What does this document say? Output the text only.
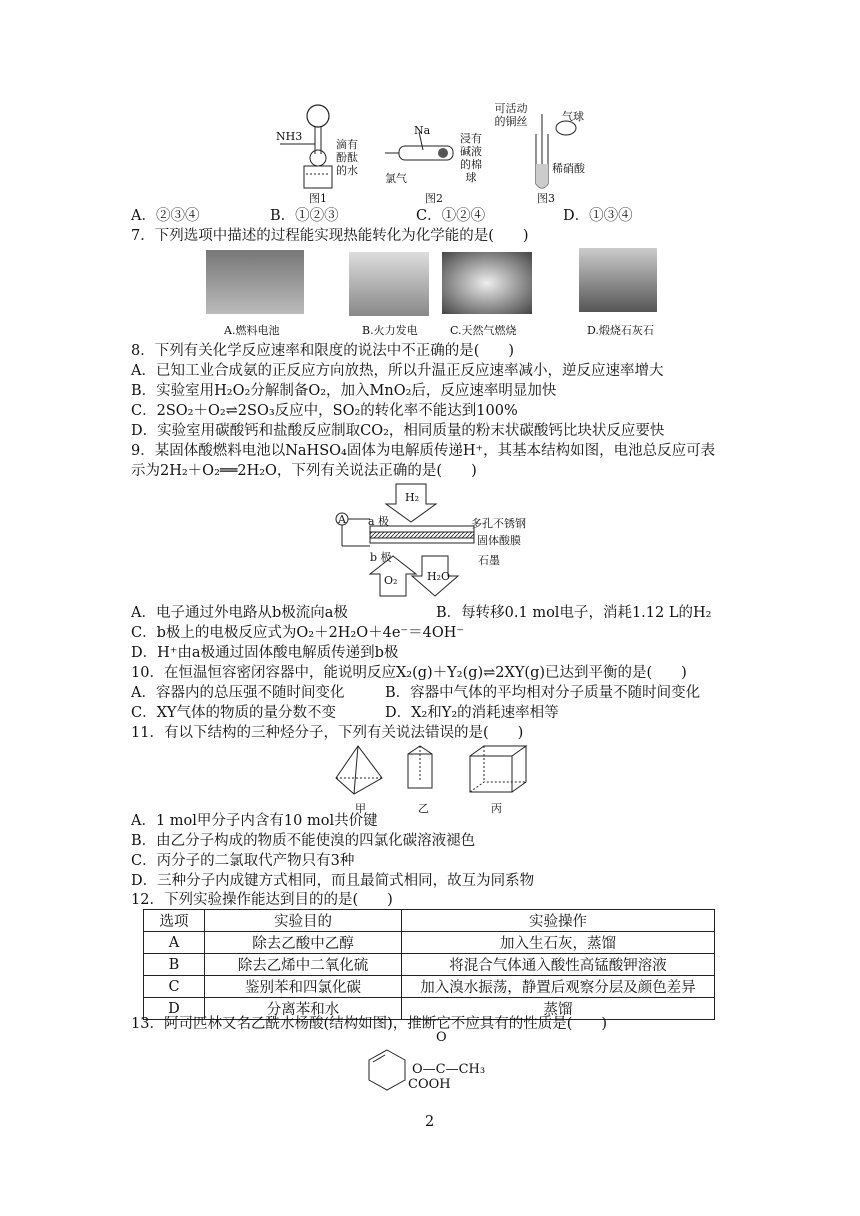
NH3
滴有酚酞的水
图1
Na
氯气
浸有碱液的棉球
图2
可活动的铜丝	气球
稀硝酸
图3
A．②③④	B．①②③	C．①②④	D．①③④
7．下列选项中描述的过程能实现热能转化为化学能的是(　　)
A.燃料电池	B.火力发电	C.天然气燃烧	D.煅烧石灰石
8．下列有关化学反应速率和限度的说法中不正确的是(　　)
A．已知工业合成氨的正反应方向放热，所以升温正反应速率减小，逆反应速率增大
B．实验室用H₂O₂分解制备O₂，加入MnO₂后，反应速率明显加快
C．2SO₂＋O₂⇌2SO₃反应中，SO₂的转化率不能达到100%
D．实验室用碳酸钙和盐酸反应制取CO₂，相同质量的粉末状碳酸钙比块状反应要快
9．某固体酸燃料电池以NaHSO₄固体为电解质传递H⁺，其基本结构如图，电池总反应可表
示为2H₂＋O₂══2H₂O，下列有关说法正确的是(　　)
H₂
A a 极
b 极
多孔不锈钢
固体酸膜
石墨
O₂	H₂O
A．电子通过外电路从b极流向a极	B．每转移0.1 mol电子，消耗1.12 L的H₂
C．b极上的电极反应式为O₂＋2H₂O＋4e⁻＝4OH⁻
D．H⁺由a极通过固体酸电解质传递到b极
10．在恒温恒容密闭容器中，能说明反应X₂(g)＋Y₂(g)⇌2XY(g)已达到平衡的是(　　)
A．容器内的总压强不随时间变化	B．容器中气体的平均相对分子质量不随时间变化
C．XY气体的物质的量分数不变	D．X₂和Y₂的消耗速率相等
11．有以下结构的三种烃分子，下列有关说法错误的是(　　)
甲	乙	丙
A．1 mol甲分子内含有10 mol共价键
B．由乙分子构成的物质不能使溴的四氯化碳溶液褪色
C．丙分子的二氯取代产物只有3种
D．三种分子内成键方式相同，而且最简式相同，故互为同系物
12．下列实验操作能达到目的的是(　　)
选项	实验目的	实验操作
A	除去乙酸中乙醇	加入生石灰，蒸馏
B	除去乙烯中二氧化硫	将混合气体通入酸性高锰酸钾溶液
C	鉴别苯和四氯化碳	加入溴水振荡，静置后观察分层及颜色差异
D	分离苯和水	蒸馏
13．阿司匹林又名乙酰水杨酸(结构如图)，推断它不应具有的性质是(　　)
O
O—C—CH₃
COOH
2
